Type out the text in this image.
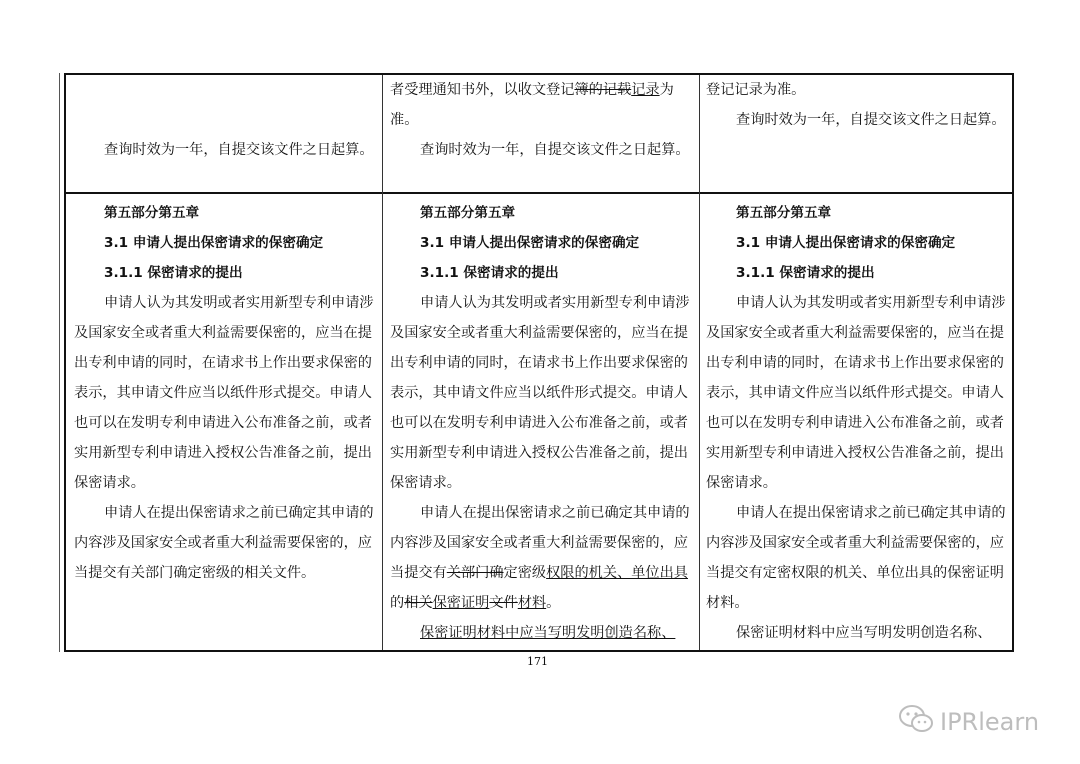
查询时效为一年，自提交该文件之日起算。

者受理通知书外，以收文登记簿的记载记录为准。

查询时效为一年，自提交该文件之日起算。

登记记录为准。

查询时效为一年，自提交该文件之日起算。

第五部分第五章

3.1 申请人提出保密请求的保密确定

3.1.1 保密请求的提出

申请人认为其发明或者实用新型专利申请涉及国家安全或者重大利益需要保密的，应当在提出专利申请的同时，在请求书上作出要求保密的表示，其申请文件应当以纸件形式提交。申请人也可以在发明专利申请进入公布准备之前，或者实用新型专利申请进入授权公告准备之前，提出保密请求。

申请人在提出保密请求之前已确定其申请的内容涉及国家安全或者重大利益需要保密的，应当提交有关部门确定密级的相关文件。

第五部分第五章

3.1 申请人提出保密请求的保密确定

3.1.1 保密请求的提出

申请人认为其发明或者实用新型专利申请涉及国家安全或者重大利益需要保密的，应当在提出专利申请的同时，在请求书上作出要求保密的表示，其申请文件应当以纸件形式提交。申请人也可以在发明专利申请进入公布准备之前，或者实用新型专利申请进入授权公告准备之前，提出保密请求。

申请人在提出保密请求之前已确定其申请的内容涉及国家安全或者重大利益需要保密的，应当提交有关部门确定密级权限的机关、单位出具的相关保密证明文件材料。

保密证明材料中应当写明发明创造名称、

第五部分第五章

3.1 申请人提出保密请求的保密确定

3.1.1 保密请求的提出

申请人认为其发明或者实用新型专利申请涉及国家安全或者重大利益需要保密的，应当在提出专利申请的同时，在请求书上作出要求保密的表示，其申请文件应当以纸件形式提交。申请人也可以在发明专利申请进入公布准备之前，或者实用新型专利申请进入授权公告准备之前，提出保密请求。

申请人在提出保密请求之前已确定其申请的内容涉及国家安全或者重大利益需要保密的，应当提交有定密权限的机关、单位出具的保密证明材料。

保密证明材料中应当写明发明创造名称、

171
IPRlearn
